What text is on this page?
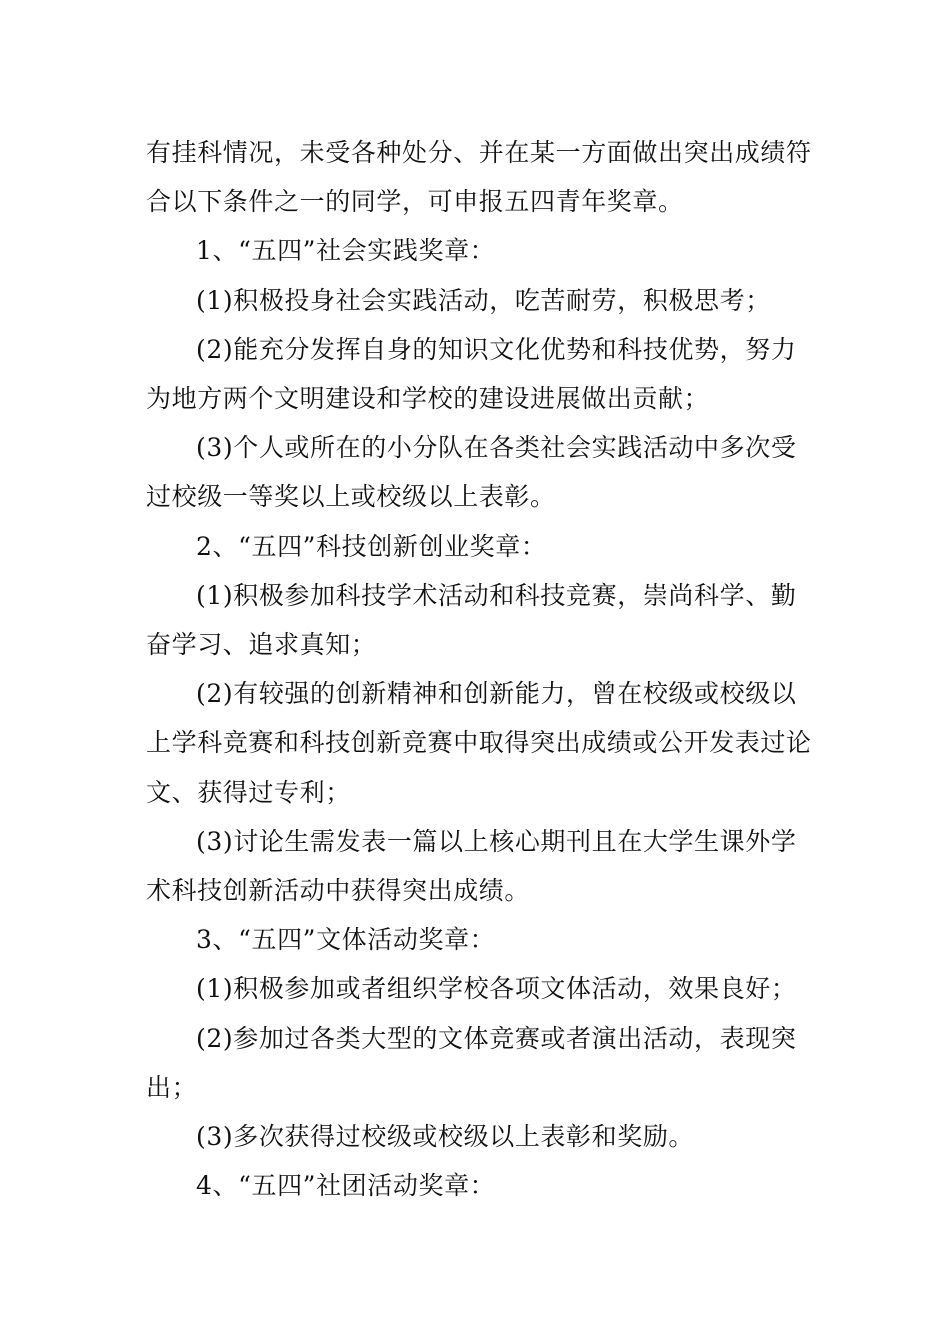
有挂科情况，未受各种处分、并在某一方面做出突出成绩符合以下条件之一的同学，可申报五四青年奖章。

1、“五四”社会实践奖章：

(1)积极投身社会实践活动，吃苦耐劳，积极思考；

(2)能充分发挥自身的知识文化优势和科技优势，努力为地方两个文明建设和学校的建设进展做出贡献；

(3)个人或所在的小分队在各类社会实践活动中多次受过校级一等奖以上或校级以上表彰。

2、“五四”科技创新创业奖章：

(1)积极参加科技学术活动和科技竞赛，崇尚科学、勤奋学习、追求真知；

(2)有较强的创新精神和创新能力，曾在校级或校级以上学科竞赛和科技创新竞赛中取得突出成绩或公开发表过论文、获得过专利；

(3)讨论生需发表一篇以上核心期刊且在大学生课外学术科技创新活动中获得突出成绩。

3、“五四”文体活动奖章：

(1)积极参加或者组织学校各项文体活动，效果良好；

(2)参加过各类大型的文体竞赛或者演出活动，表现突出；

(3)多次获得过校级或校级以上表彰和奖励。

4、“五四”社团活动奖章：
